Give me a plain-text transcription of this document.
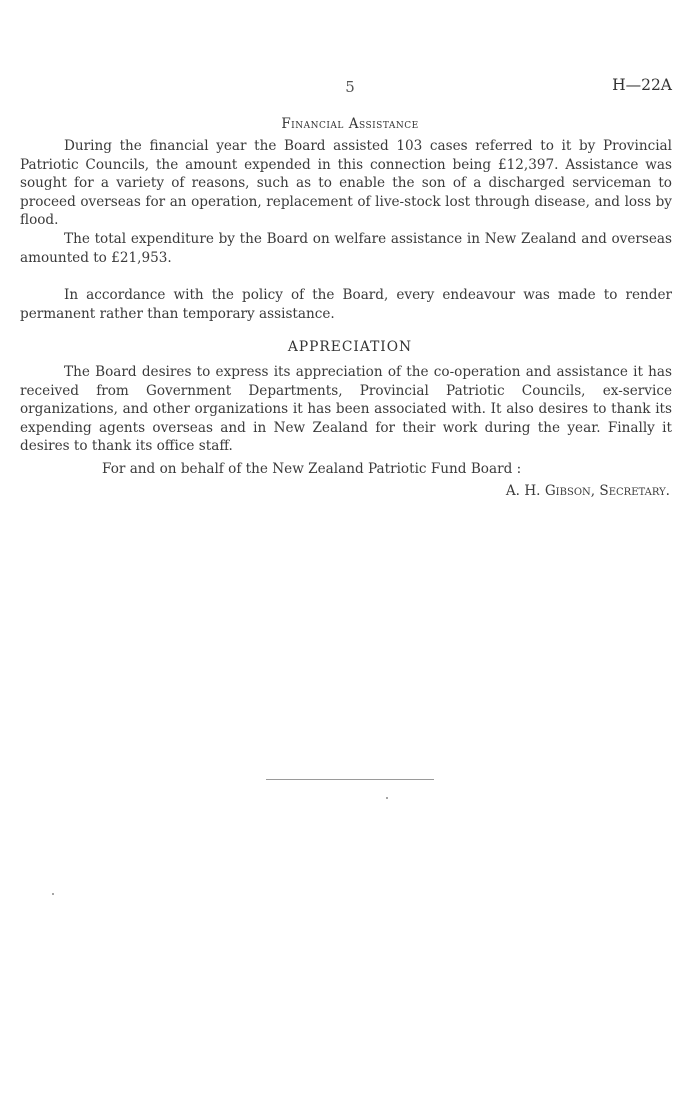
5	H—22A
Financial Assistance

During the financial year the Board assisted 103 cases referred to it by Provincial Patriotic Councils, the amount expended in this connection being £12,397. Assistance was sought for a variety of reasons, such as to enable the son of a discharged serviceman to proceed overseas for an operation, replacement of live-stock lost through disease, and loss by flood.

The total expenditure by the Board on welfare assistance in New Zealand and overseas amounted to £21,953.

In accordance with the policy of the Board, every endeavour was made to render permanent rather than temporary assistance.

APPRECIATION

The Board desires to express its appreciation of the co-operation and assistance it has received from Government Departments, Provincial Patriotic Councils, ex-service organizations, and other organizations it has been associated with. It also desires to thank its expending agents overseas and in New Zealand for their work during the year. Finally it desires to thank its office staff.

For and on behalf of the New Zealand Patriotic Fund Board :
A. H. Gibson, Secretary.
